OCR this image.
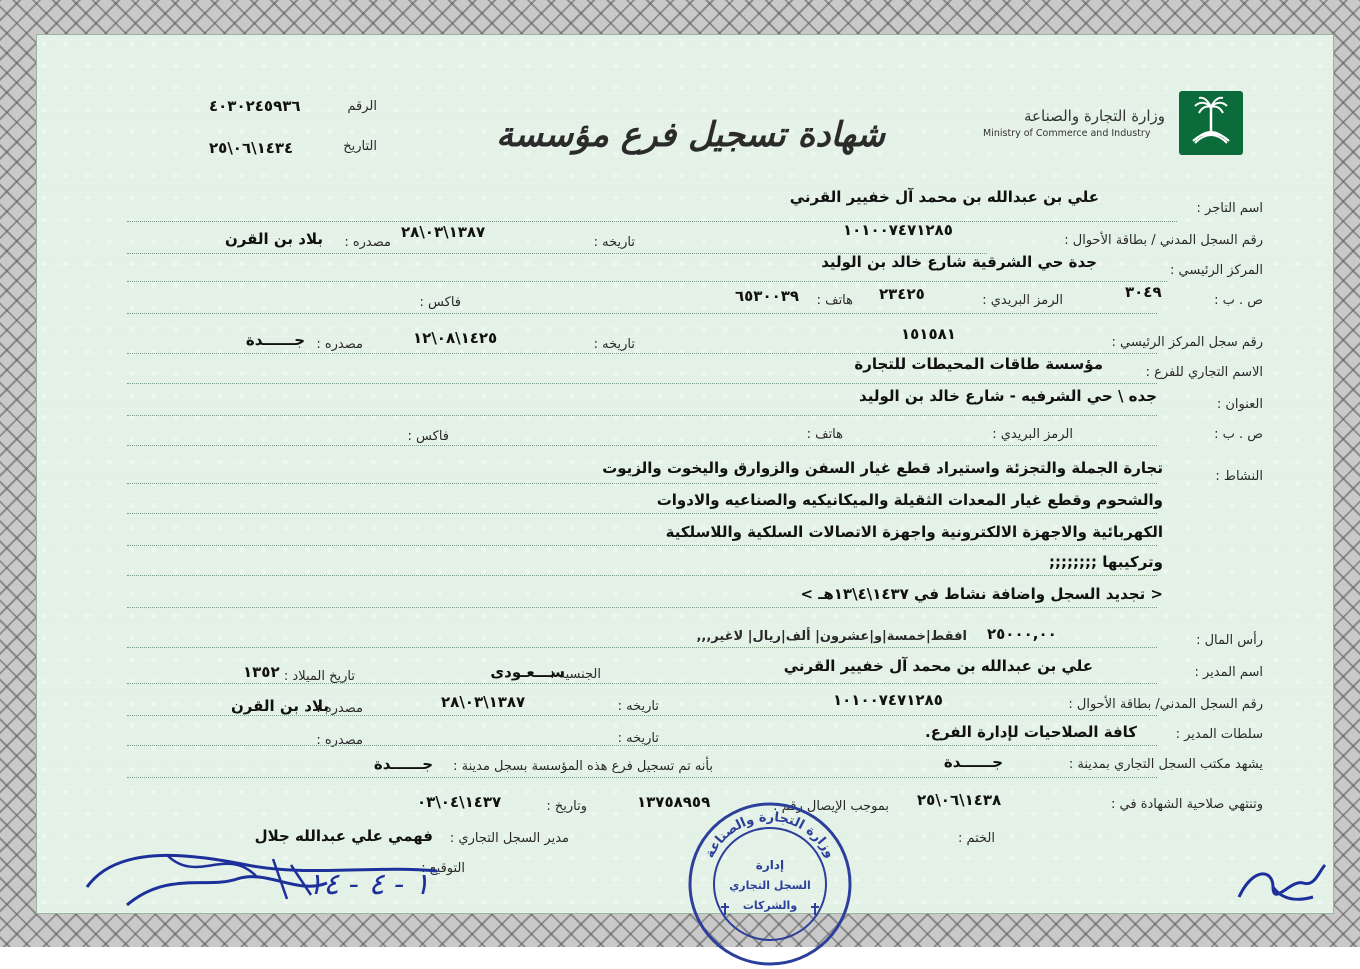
وزارة التجارة والصناعة
Ministry of Commerce and Industry
شهادة تسجيل فرع مؤسسة
الرقم
٤٠٣٠٢٤٥٩٣٦
التاريخ
١٤٣٤\٠٦\٢٥
اسم التاجر :
علي بن عبدالله بن محمد آل خفيير القرني
رقم السجل المدني / بطاقة الأحوال :
١٠١٠٠٧٤٧١٢٨٥
تاريخه :
١٣٨٧\٠٣\٢٨
مصدره :
بلاد بن القرن
المركز الرئيسي :
جدة حي الشرقية شارع خالد بن الوليد
ص . ب :
٣٠٤٩
الرمز البريدي :
٢٣٤٢٥
هاتف :
٦٥٣٠٠٣٩
فاكس :
رقم سجل المركز الرئيسي :
١٥١٥٨١
تاريخه :
١٤٢٥\٠٨\١٢
مصدره :
جــــــدة
الاسم التجاري للفرع :
مؤسسة طاقات المحيطات للتجارة
العنوان :
جده \ حي الشرفيه - شارع خالد بن الوليد
ص . ب :
الرمز البريدي :
هاتف :
فاكس :
النشاط :
تجارة الجملة والتجزئة واستيراد قطع غيار السفن والزوارق واليخوت والزيوت
والشحوم وقطع غيار المعدات الثقيلة والميكانيكيه والصناعيه والادوات
الكهربائية والاجهزة الالكترونية واجهزة الاتصالات السلكية واللاسلكية
وتركيبها ;;;;;;;;
< تجديد السجل واضافة نشاط في ١٤٣٧\٤\١٣هـ >
رأس المال :
٢٥٠٠٠,٠٠
افقط|خمسة|و|عشرون| ألف|ريال| لاغير,,,
اسم المدير :
علي بن عبدالله بن محمد آل خفيير القرني
الجنسية :
ســـعـودى
تاريخ الميلاد :
١٣٥٢
رقم السجل المدني/ بطاقة الأحوال :
١٠١٠٠٧٤٧١٢٨٥
تاريخه :
١٣٨٧\٠٣\٢٨
مصدره :
بلاد بن القرن
سلطات المدير :
كافة الصلاحيات لإدارة الفرع.
تاريخه :
مصدره :
يشهد مكتب السجل التجاري بمدينة :
جــــــدة
بأنه تم تسجيل فرع هذه المؤسسة بسجل مدينة :
جــــــدة
وتنتهي صلاحية الشهادة في :
١٤٣٨\٠٦\٢٥
بموجب الإيصال رقم :
١٣٧٥٨٩٥٩
وتاريخ :
١٤٣٧\٠٤\٠٣
الختم :
مدير السجل التجاري :
فهمي علي عبدالله جلال
التوقيع :
وزارة التجارة والصناعة
إدارة
السجل التجاري
والشركات
١ - ٤ - ١٤
